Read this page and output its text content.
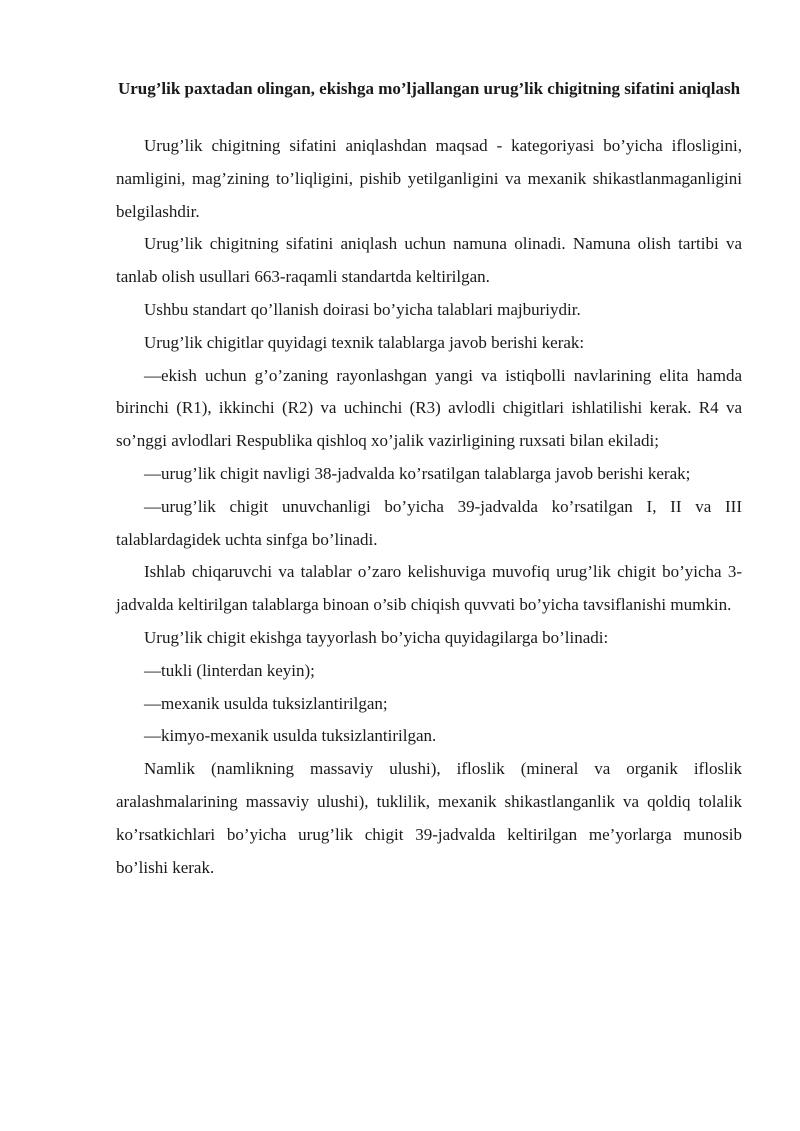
Urug’lik paxtadan olingan, ekishga mo’ljallangan urug’lik chigitning sifatini aniqlash

Urug’lik chigitning sifatini aniqlashdan maqsad - kategoriyasi bo’yicha iflosligini, namligini, mag’zining to’liqligini, pishib yetilganligini va mexanik shikastlanmaganligini belgilashdir.

Urug’lik chigitning sifatini aniqlash uchun namuna olinadi. Namuna olish tartibi va tanlab olish usullari 663-raqamli standartda keltirilgan.

Ushbu standart qo’llanish doirasi bo’yicha talablari majburiydir.

Urug’lik chigitlar quyidagi texnik talablarga javob berishi kerak:

—ekish uchun g’o’zaning rayonlashgan yangi va istiqbolli navlarining elita hamda birinchi (R1), ikkinchi (R2) va uchinchi (R3) avlodli chigitlari ishlatilishi kerak. R4 va so’nggi avlodlari Respublika qishloq xo’jalik vazirligining ruxsati bilan ekiladi;

—urug’lik chigit navligi 38-jadvalda ko’rsatilgan talablarga javob berishi kerak;

—urug’lik chigit unuvchanligi bo’yicha 39-jadvalda ko’rsatilgan I, II va III talablardagidek uchta sinfga bo’linadi.

Ishlab chiqaruvchi va talablar o’zaro kelishuviga muvofiq urug’lik chigit bo’yicha 3-jadvalda keltirilgan talablarga binoan o’sib chiqish quvvati bo’yicha tavsiflanishi mumkin.

Urug’lik chigit ekishga tayyorlash bo’yicha quyidagilarga bo’linadi:

—tukli (linterdan keyin);

—mexanik usulda tuksizlantirilgan;

—kimyo-mexanik usulda tuksizlantirilgan.

Namlik (namlikning massaviy ulushi), ifloslik (mineral va organik ifloslik aralashmalarining massaviy ulushi), tuklilik, mexanik shikastlanganlik va qoldiq tolalik ko’rsatkichlari bo’yicha urug’lik chigit 39-jadvalda keltirilgan me’yorlarga munosib bo’lishi kerak.
